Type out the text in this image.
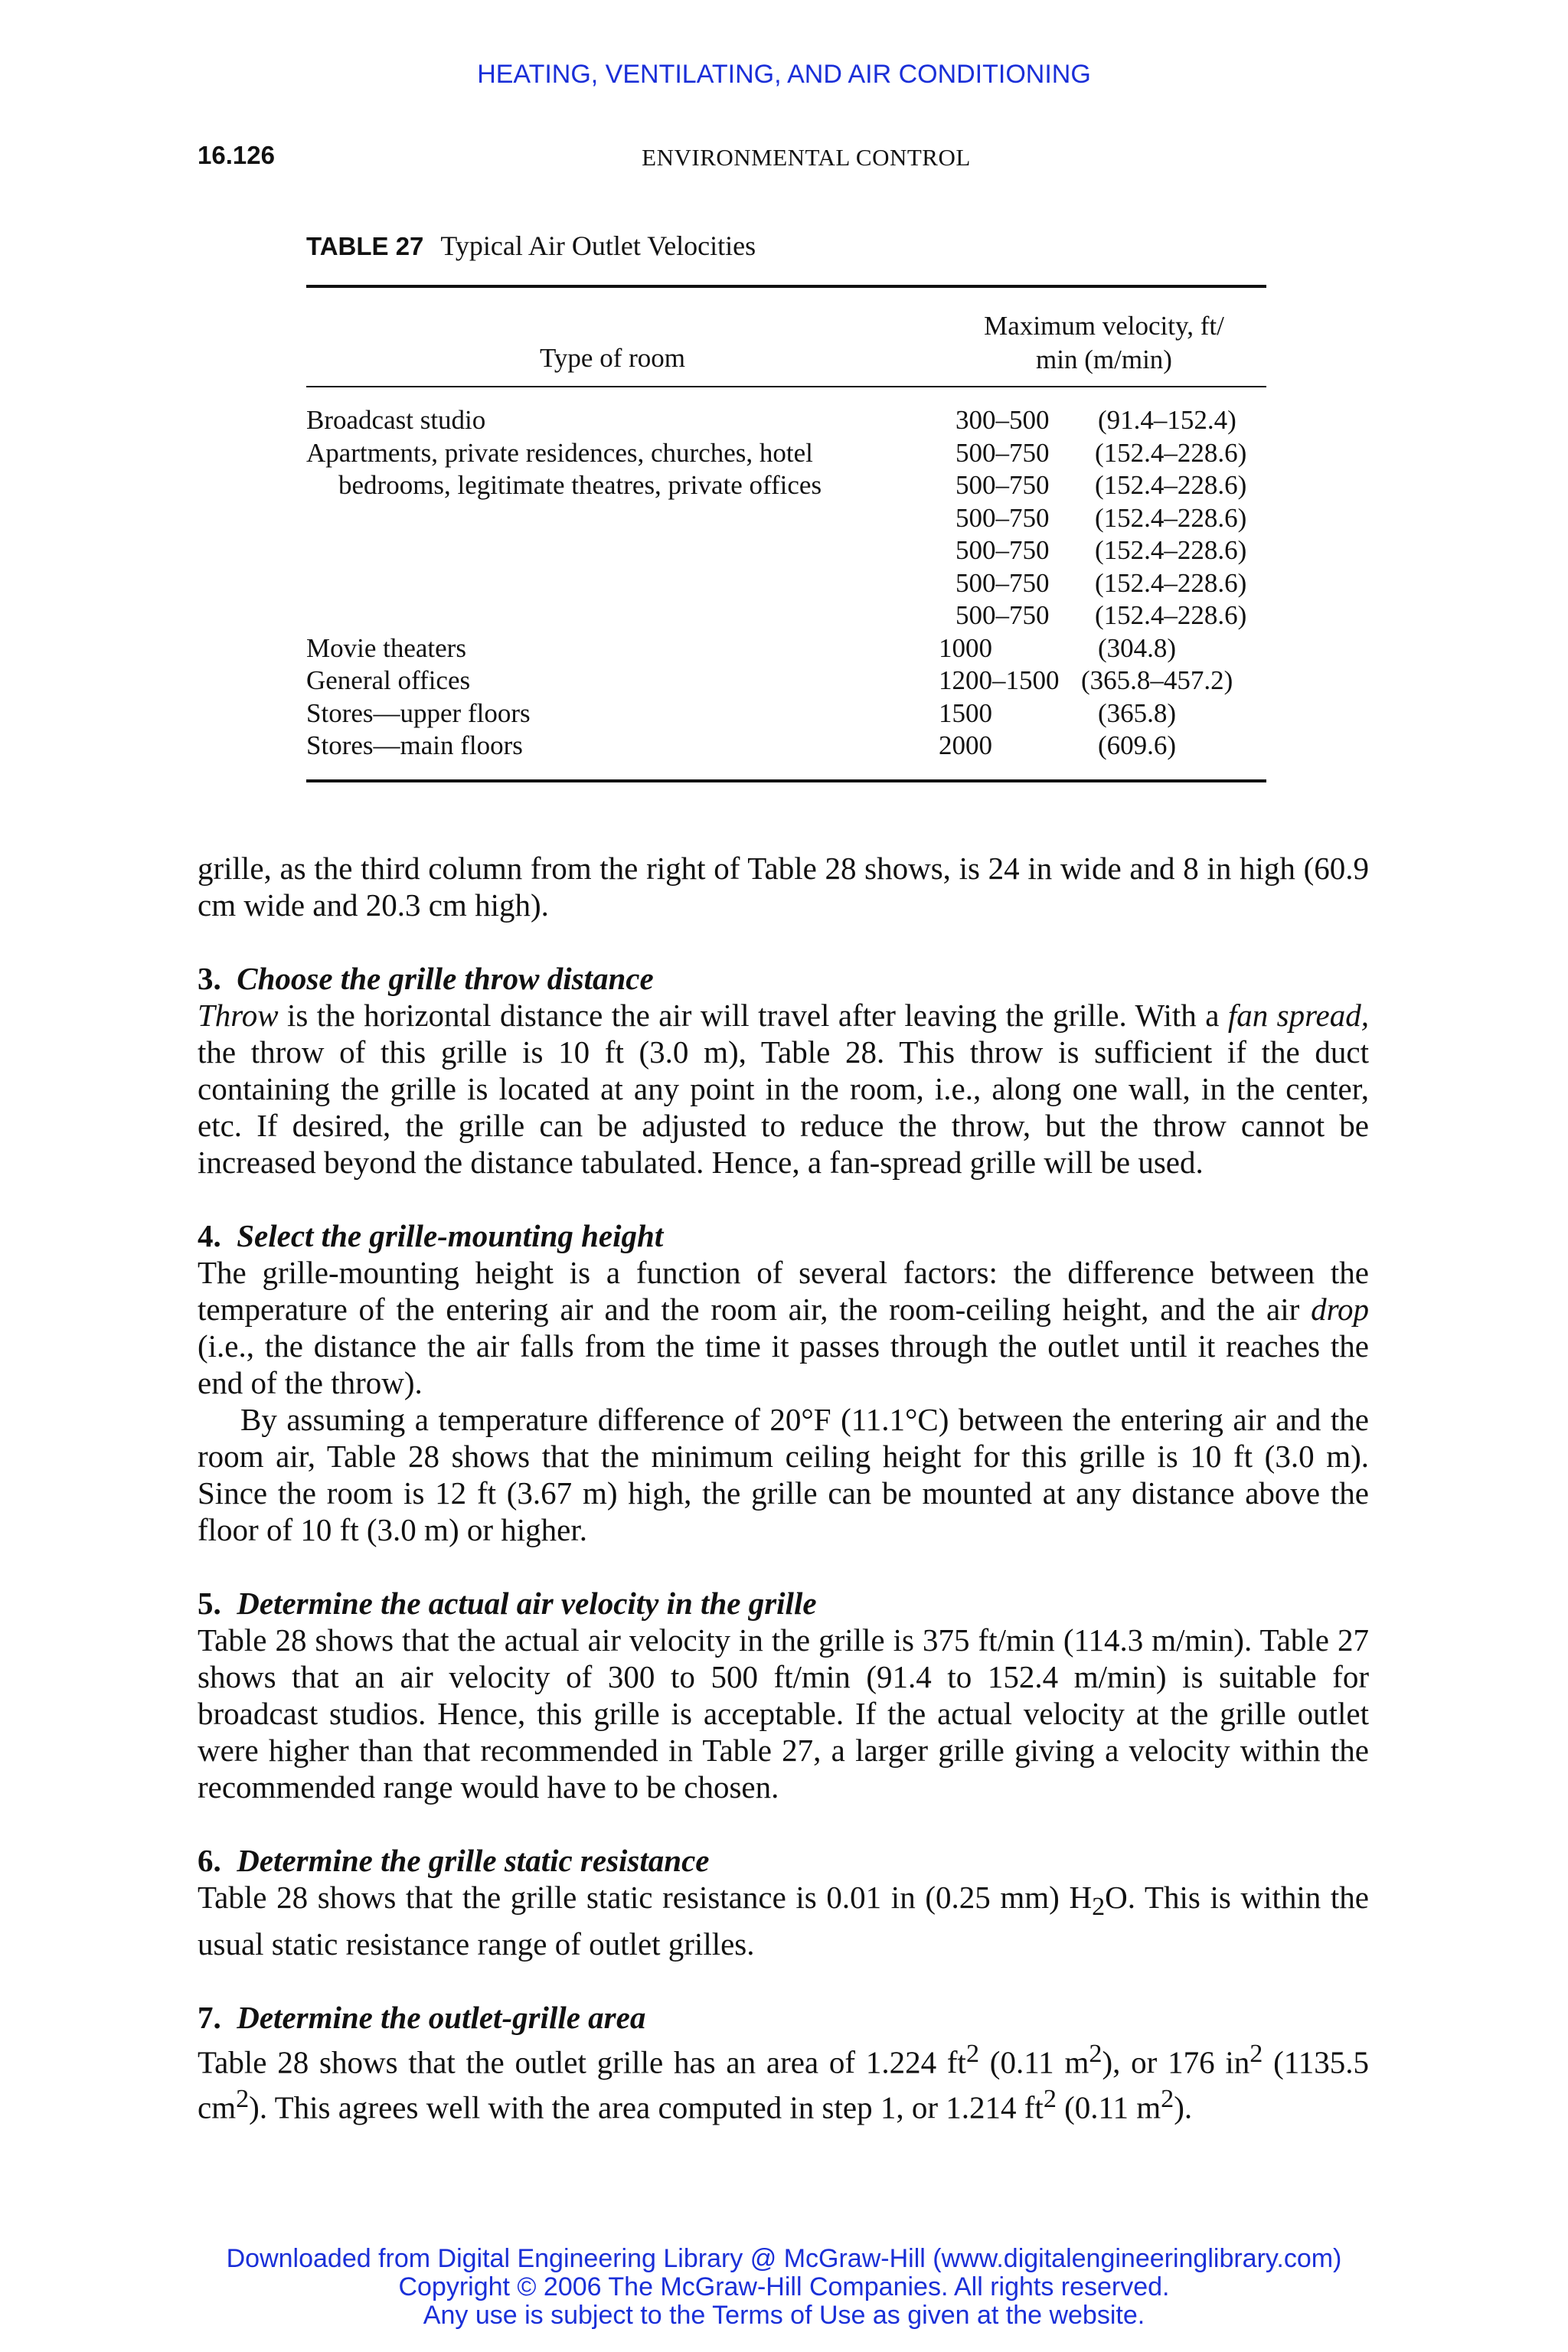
HEATING, VENTILATING, AND AIR CONDITIONING
16.126	ENVIRONMENTAL CONTROL
TABLE 27 Typical Air Outlet Velocities
Type of room
Maximum velocity, ft/
min (m/min)
Broadcast studio	300–500 (91.4–152.4)
Apartments, private residences, churches, hotel	500–750 (152.4–228.6)
bedrooms, legitimate theatres, private offices	500–750 (152.4–228.6)
500–750 (152.4–228.6)
500–750 (152.4–228.6)
500–750 (152.4–228.6)
500–750 (152.4–228.6)
Movie theaters	1000	(304.8)
General offices	1200–1500 (365.8–457.2)
Stores—upper floors	1500	(365.8)
Stores—main floors	2000	(609.6)

grille, as the third column from the right of Table 28 shows, is 24 in wide and 8 in high (60.9 cm wide and 20.3 cm high).

3. Choose the grille throw distance

Throw is the horizontal distance the air will travel after leaving the grille. With a fan spread, the throw of this grille is 10 ft (3.0 m), Table 28. This throw is sufficient if the duct containing the grille is located at any point in the room, i.e., along one wall, in the center, etc. If desired, the grille can be adjusted to reduce the throw, but the throw cannot be increased beyond the distance tabulated. Hence, a fan-spread grille will be used.

4. Select the grille-mounting height

The grille-mounting height is a function of several factors: the difference between the temperature of the entering air and the room air, the room-ceiling height, and the air drop (i.e., the distance the air falls from the time it passes through the outlet until it reaches the end of the throw).

By assuming a temperature difference of 20°F (11.1°C) between the entering air and the room air, Table 28 shows that the minimum ceiling height for this grille is 10 ft (3.0 m). Since the room is 12 ft (3.67 m) high, the grille can be mounted at any distance above the floor of 10 ft (3.0 m) or higher.

5. Determine the actual air velocity in the grille

Table 28 shows that the actual air velocity in the grille is 375 ft/min (114.3 m/min). Table 27 shows that an air velocity of 300 to 500 ft/min (91.4 to 152.4 m/min) is suitable for broadcast studios. Hence, this grille is acceptable. If the actual velocity at the grille outlet were higher than that recommended in Table 27, a larger grille giving a velocity within the recommended range would have to be chosen.

6. Determine the grille static resistance

Table 28 shows that the grille static resistance is 0.01 in (0.25 mm) $H_2O$. This is within the usual static resistance range of outlet grilles.

7. Determine the outlet-grille area

Table 28 shows that the outlet grille has an area of 1.224 $ft^2$ (0.11 $m^2$), or 176 $in^2$ (1135.5 $cm^2$). This agrees well with the area computed in step 1, or 1.214 $ft^2$ (0.11 $m^2$).

Downloaded from Digital Engineering Library @ McGraw-Hill (www.digitalengineeringlibrary.com)
Copyright © 2006 The McGraw-Hill Companies. All rights reserved.
Any use is subject to the Terms of Use as given at the website.
